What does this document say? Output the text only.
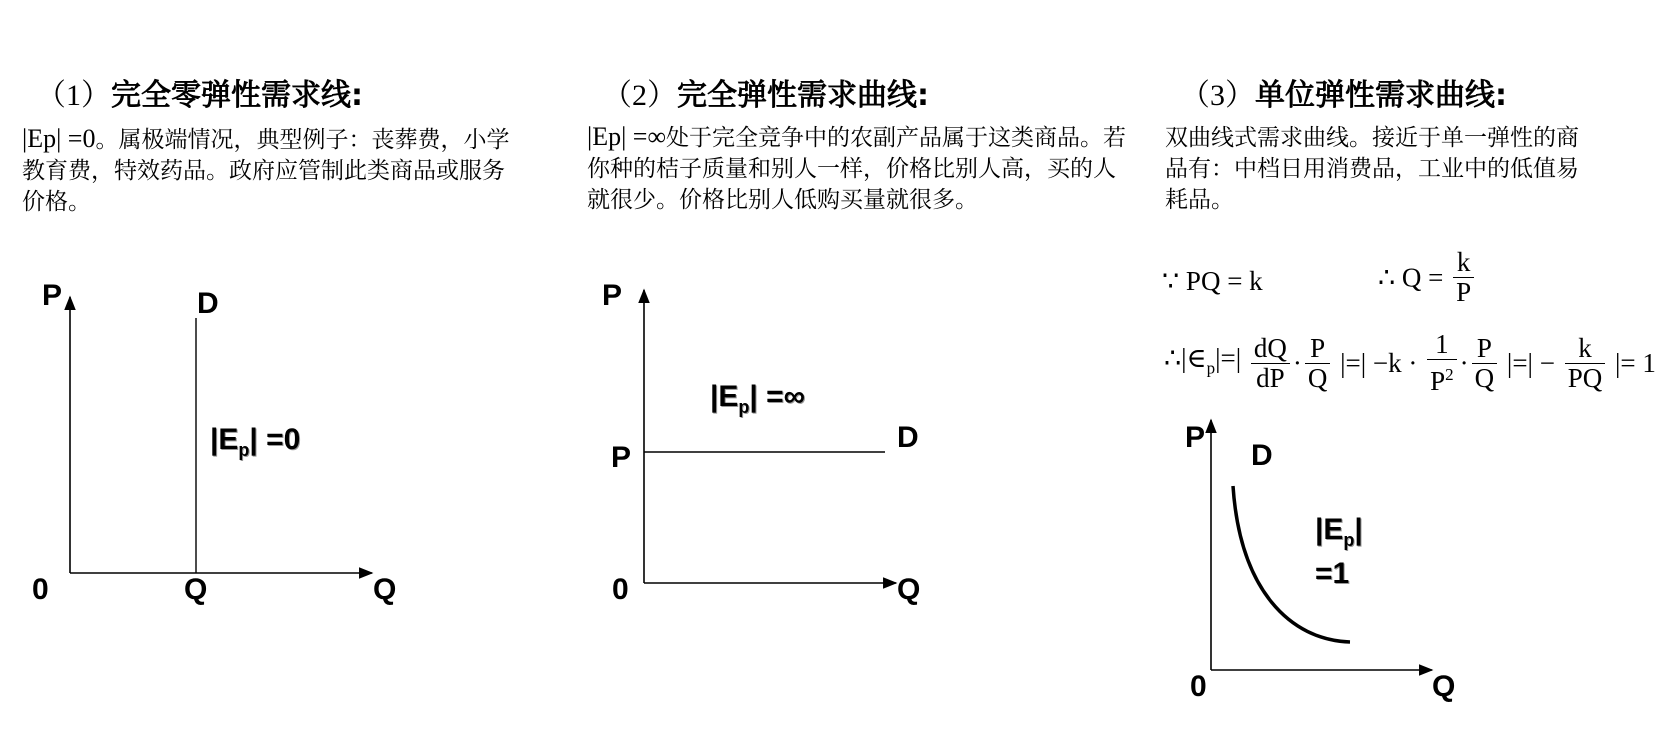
（1）完全零弹性需求线:
|Ep| =0。属极端情况，典型例子：丧葬费，小学教育费，特效药品。政府应管制此类商品或服务价格。
P	D
0	Q	Q
$|E_p| =0$
（2）完全弹性需求曲线:
|Ep| =∞处于完全竞争中的农副产品属于这类商品。若你种的桔子质量和别人一样，价格比别人高，买的人就很少。价格比别人低购买量就很多。
P
P
D
0	Q
$|E_p|$ =∞
（3）单位弹性需求曲线:
双曲线式需求曲线。接近于单一弹性的商品有：中档日用消费品，工业中的低值易耗品。
∵ PQ = k	∴ $Q = \frac{k}{P}$
$\therefore|\in_p|=| \frac{dQ}{dP} \cdot \frac{P}{Q}$ |=| $-k \cdot \frac{1}{P^2} \cdot \frac{P}{Q}$ |=| − $\frac{k}{PQ}$ |= 1
P
D
$|E_p|$
=1
0	Q
